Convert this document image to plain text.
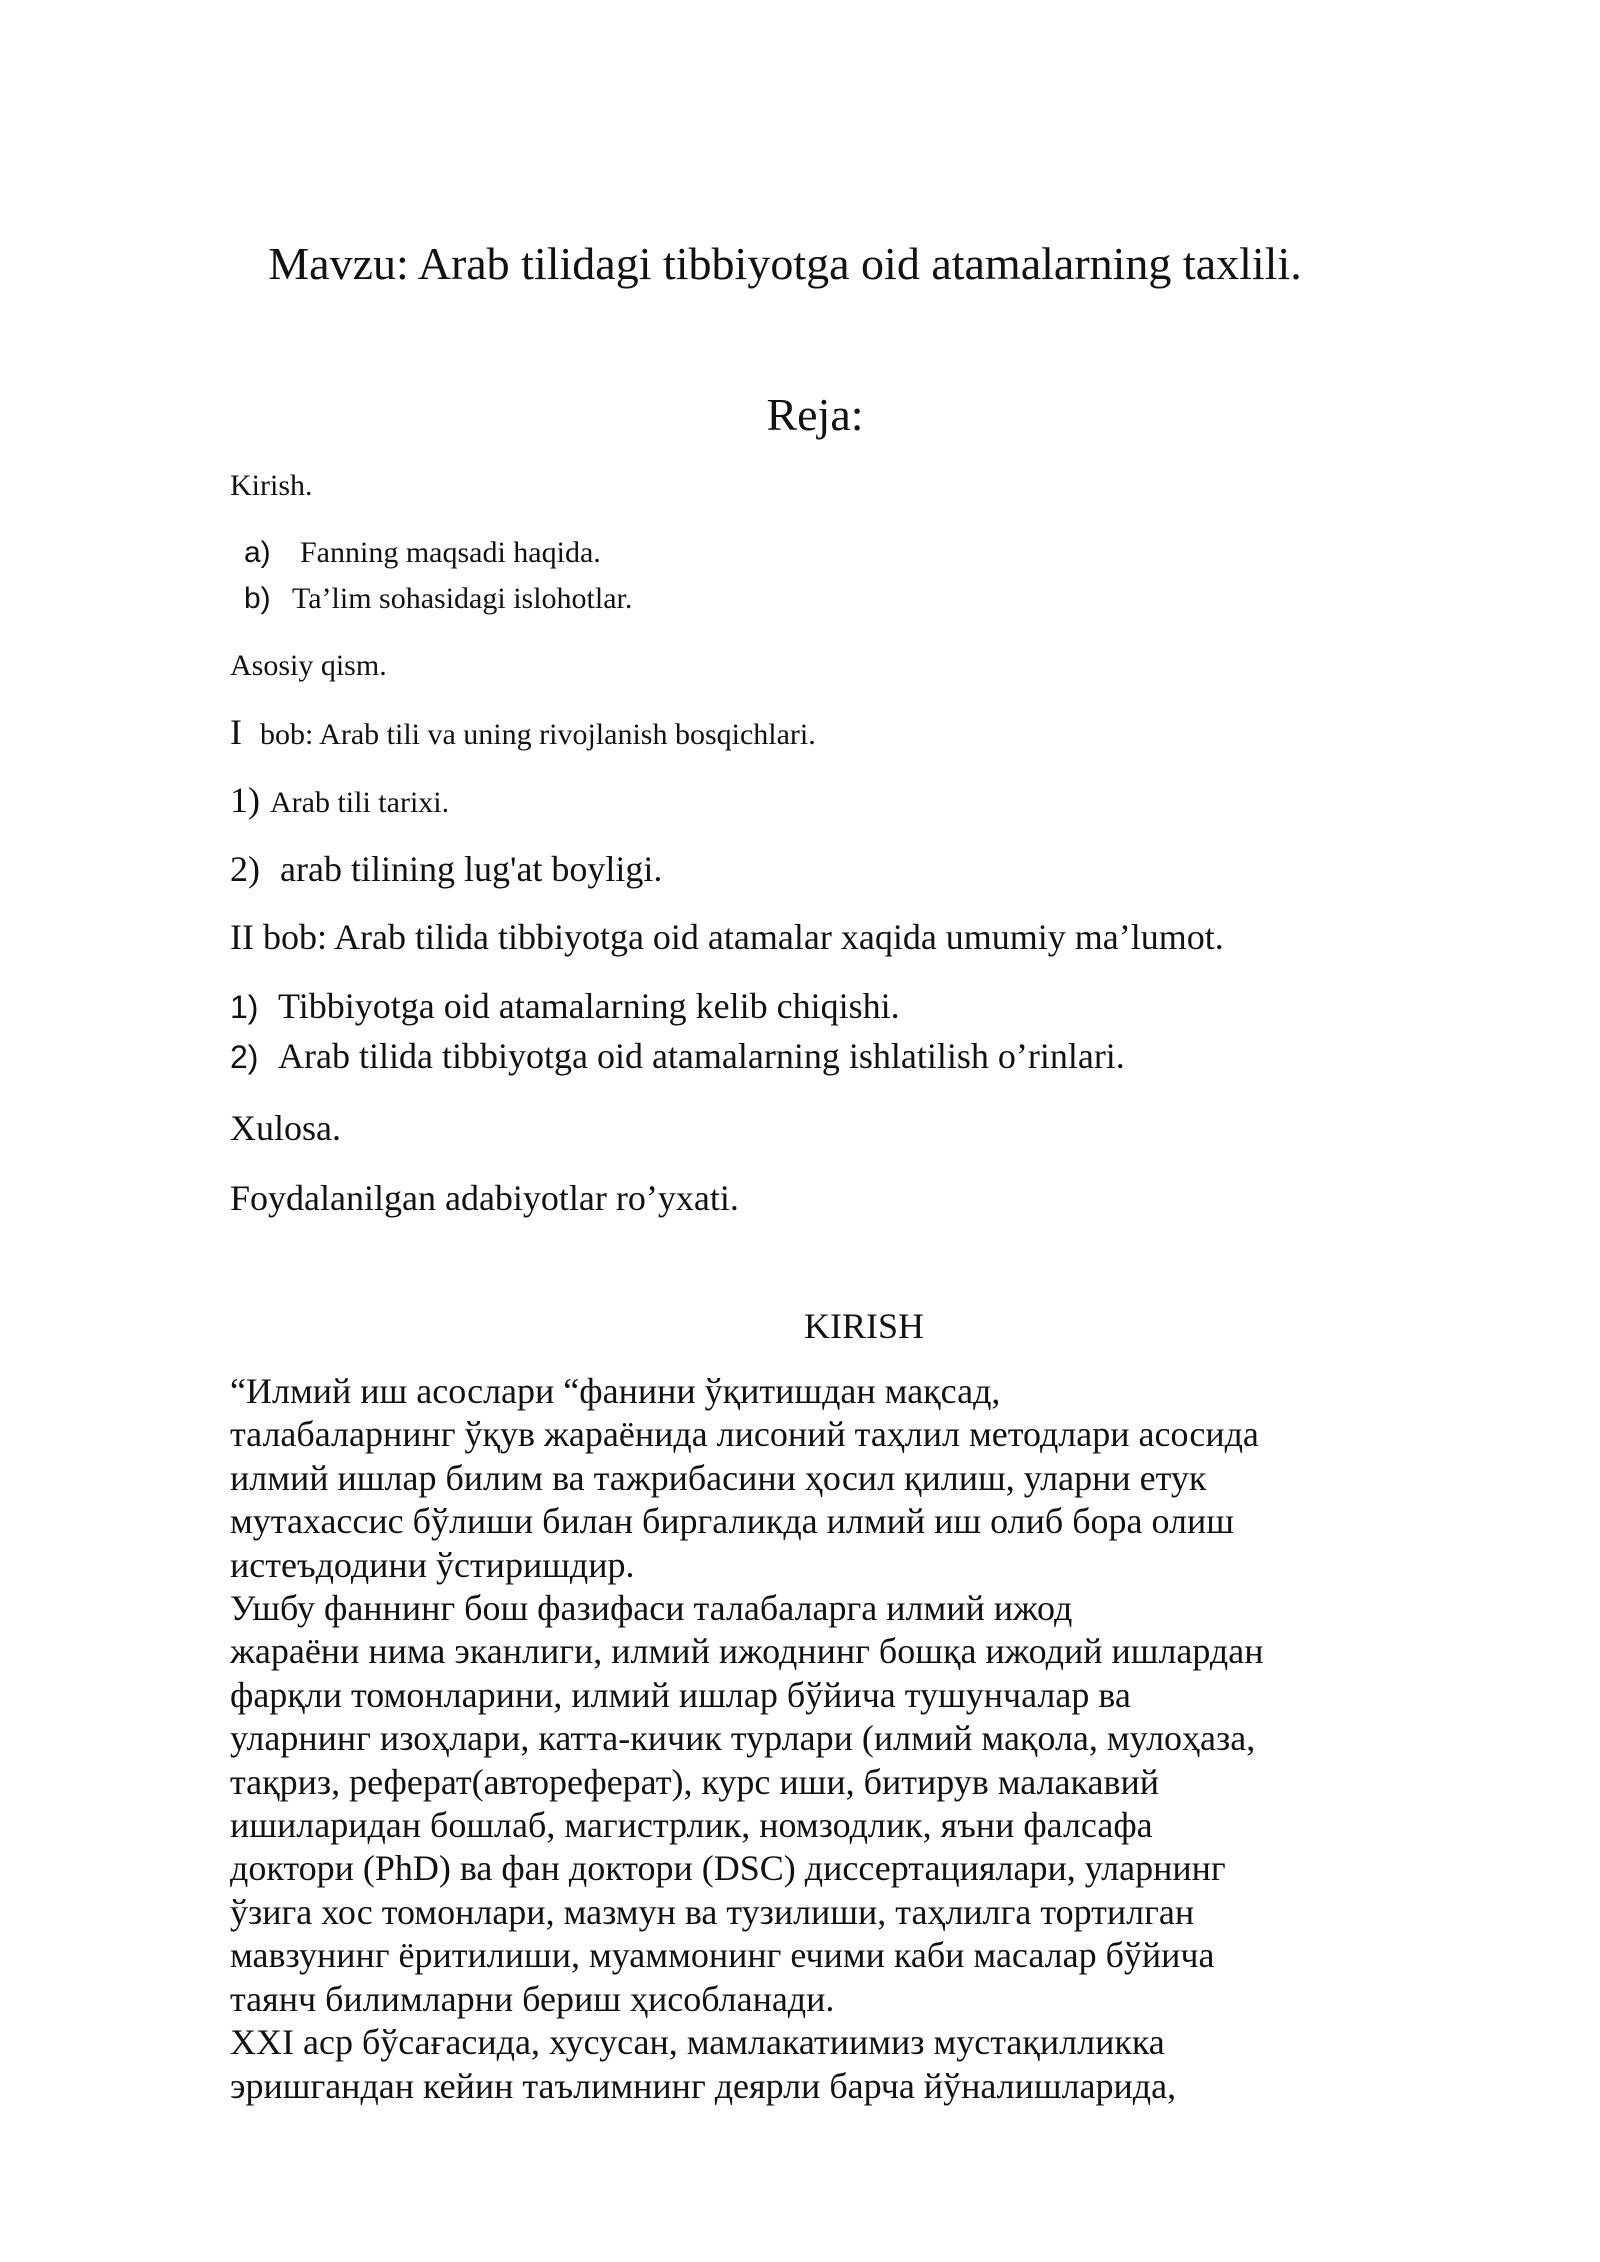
Mavzu: Arab tilidagi tibbiyotga oid atamalarning taxlili.
Reja:
Kirish.
a) Fanning maqsadi haqida.
b) Ta’lim sohasidagi islohotlar.
Asosiy qism.
I bob: Arab tili va uning rivojlanish bosqichlari.
1) Arab tili tarixi.
2) arab tilining lug'at boyligi.
II bob: Arab tilida tibbiyotga oid atamalar xaqida umumiy ma’lumot.
1) Tibbiyotga oid atamalarning kelib chiqishi.
2) Arab tilida tibbiyotga oid atamalarning ishlatilish o’rinlari.
Xulosa.
Foydalanilgan adabiyotlar ro’yxati.
KIRISH
“Илмий иш асослари “фанини ўқитишдан мақсад,
талабаларнинг ўқув жараёнида лисоний таҳлил методлари асосида
илмий ишлар билим ва тажрибасини ҳосил қилиш, уларни етук
мутахассис бўлиши билан биргаликда илмий иш олиб бора олиш
истеъдодини ўстиришдир.
Ушбу фаннинг бош фазифаси талабаларга илмий ижод
жараёни нима эканлиги, илмий ижоднинг бошқа ижодий ишлардан
фарқли томонларини, илмий ишлар бўйича тушунчалар ва
уларнинг изоҳлари, катта-кичик турлари (илмий мақола, мулоҳаза,
тақриз, реферат(автореферат), курс иши, битирув малакавий
ишиларидан бошлаб, магистрлик, номзодлик, яъни фалсафа
доктори (PhD) ва фан доктори (DSC) диссертациялари, уларнинг
ўзига хос томонлари, мазмун ва тузилиши, таҳлилга тортилган
мавзунинг ёритилиши, муаммонинг ечими каби масалар бўйича
таянч билимларни бериш ҳисобланади.
XXI аср бўсағасида, хусусан, мамлакатиимиз мустақилликка
эришгандан кейин таълимнинг деярли барча йўналишларида,
